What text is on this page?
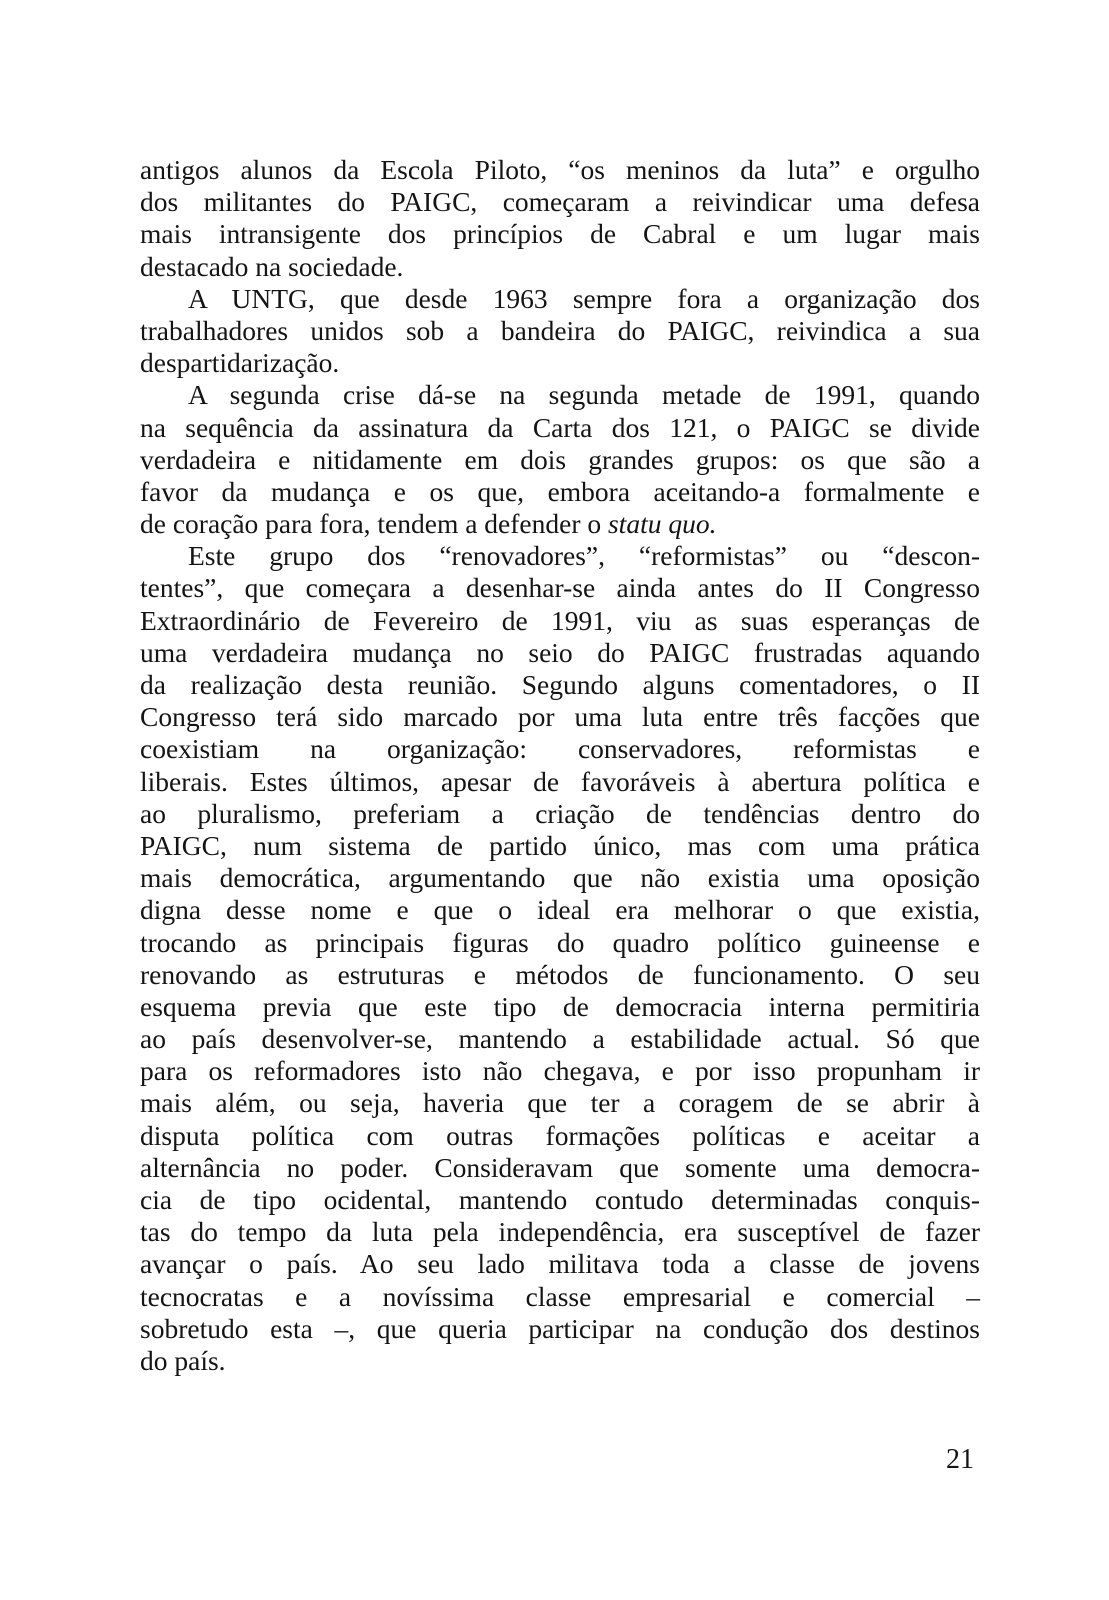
antigos alunos da Escola Piloto, “os meninos da luta” e orgulho
dos militantes do PAIGC, começaram a reivindicar uma defesa
mais intransigente dos princípios de Cabral e um lugar mais
destacado na sociedade.
A UNTG, que desde 1963 sempre fora a organização dos
trabalhadores unidos sob a bandeira do PAIGC, reivindica a sua
despartidarização.
A segunda crise dá-se na segunda metade de 1991, quando
na sequência da assinatura da Carta dos 121, o PAIGC se divide
verdadeira e nitidamente em dois grandes grupos: os que são a
favor da mudança e os que, embora aceitando-a formalmente e
de coração para fora, tendem a defender o statu quo.
Este grupo dos “renovadores”, “reformistas” ou “descon-
tentes”, que começara a desenhar-se ainda antes do II Congresso
Extraordinário de Fevereiro de 1991, viu as suas esperanças de
uma verdadeira mudança no seio do PAIGC frustradas aquando
da realização desta reunião. Segundo alguns comentadores, o II
Congresso terá sido marcado por uma luta entre três facções que
coexistiam na organização: conservadores, reformistas e
liberais. Estes últimos, apesar de favoráveis à abertura política e
ao pluralismo, preferiam a criação de tendências dentro do
PAIGC, num sistema de partido único, mas com uma prática
mais democrática, argumentando que não existia uma oposição
digna desse nome e que o ideal era melhorar o que existia,
trocando as principais figuras do quadro político guineense e
renovando as estruturas e métodos de funcionamento. O seu
esquema previa que este tipo de democracia interna permitiria
ao país desenvolver-se, mantendo a estabilidade actual. Só que
para os reformadores isto não chegava, e por isso propunham ir
mais além, ou seja, haveria que ter a coragem de se abrir à
disputa política com outras formações políticas e aceitar a
alternância no poder. Consideravam que somente uma democra-
cia de tipo ocidental, mantendo contudo determinadas conquis-
tas do tempo da luta pela independência, era susceptível de fazer
avançar o país. Ao seu lado militava toda a classe de jovens
tecnocratas e a novíssima classe empresarial e comercial –
sobretudo esta –, que queria participar na condução dos destinos
do país.
21
